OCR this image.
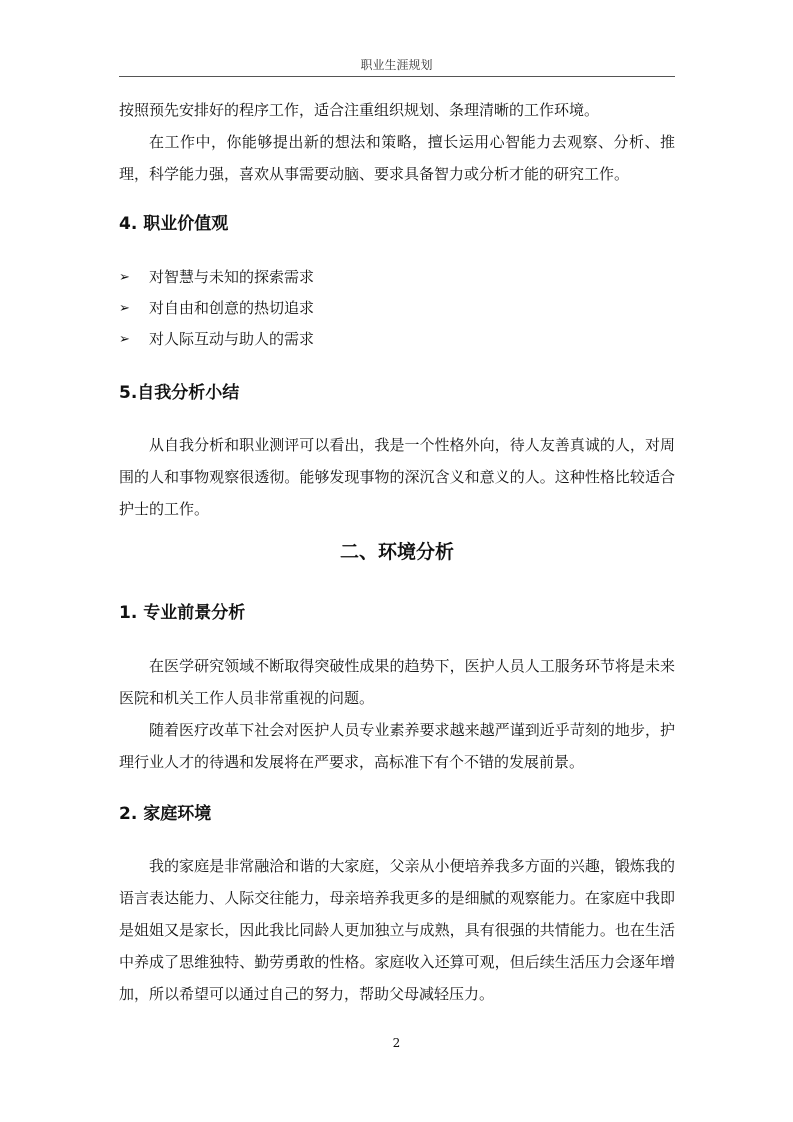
职业生涯规划

按照预先安排好的程序工作，适合注重组织规划、条理清晰的工作环境。

在工作中，你能够提出新的想法和策略，擅长运用心智能力去观察、分析、推理，科学能力强，喜欢从事需要动脑、要求具备智力或分析才能的研究工作。

4. 职业价值观
➢	对智慧与未知的探索需求
➢	对自由和创意的热切追求
➢	对人际互动与助人的需求
5.自我分析小结

从自我分析和职业测评可以看出，我是一个性格外向，待人友善真诚的人，对周围的人和事物观察很透彻。能够发现事物的深沉含义和意义的人。这种性格比较适合护士的工作。

二、环境分析
1. 专业前景分析

在医学研究领域不断取得突破性成果的趋势下，医护人员人工服务环节将是未来医院和机关工作人员非常重视的问题。

随着医疗改革下社会对医护人员专业素养要求越来越严谨到近乎苛刻的地步，护理行业人才的待遇和发展将在严要求，高标准下有个不错的发展前景。

2. 家庭环境

我的家庭是非常融洽和谐的大家庭，父亲从小便培养我多方面的兴趣，锻炼我的语言表达能力、人际交往能力，母亲培养我更多的是细腻的观察能力。在家庭中我即是姐姐又是家长，因此我比同龄人更加独立与成熟，具有很强的共情能力。也在生活中养成了思维独特、勤劳勇敢的性格。家庭收入还算可观，但后续生活压力会逐年增加，所以希望可以通过自己的努力，帮助父母减轻压力。

2
